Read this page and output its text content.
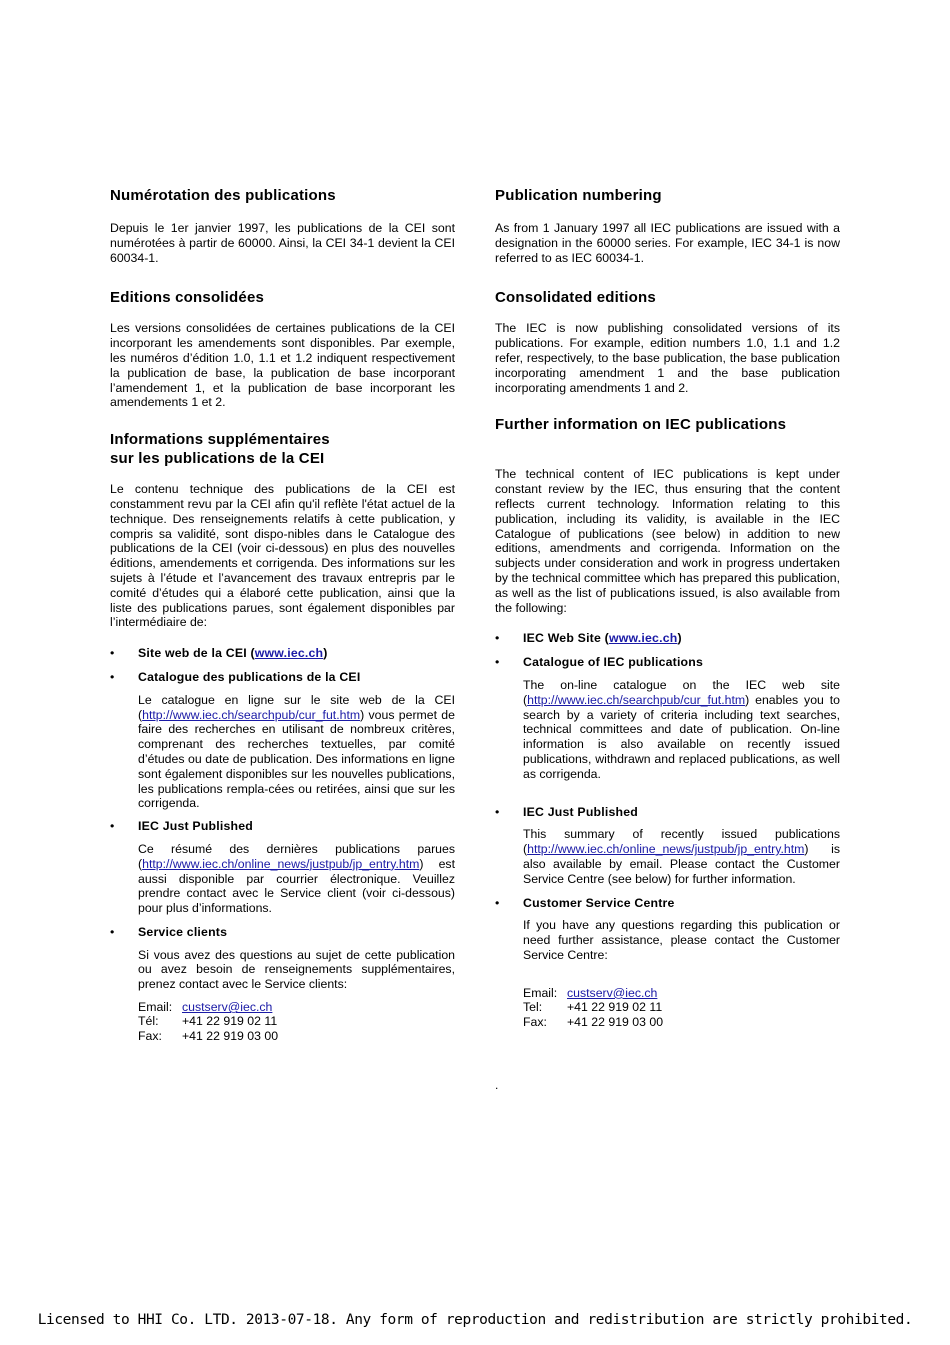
Numérotation des publications

Depuis le 1er janvier 1997, les publications de la CEI sont numérotées à partir de 60000. Ainsi, la CEI 34-1 devient la CEI 60034-1.

Editions consolidées

Les versions consolidées de certaines publications de la CEI incorporant les amendements sont disponibles. Par exemple, les numéros d’édition 1.0, 1.1 et 1.2 indiquent respectivement la publication de base, la publication de base incorporant l’amendement 1, et la publication de base incorporant les amendements 1 et 2.

Informations supplémentaires
sur les publications de la CEI

Le contenu technique des publications de la CEI est constamment revu par la CEI afin qu'il reflète l'état actuel de la technique. Des renseignements relatifs à cette publication, y compris sa validité, sont dispo-nibles dans le Catalogue des publications de la CEI (voir ci-dessous) en plus des nouvelles éditions, amendements et corrigenda. Des informations sur les sujets à l’étude et l’avancement des travaux entrepris par le comité d’études qui a élaboré cette publication, ainsi que la liste des publications parues, sont également disponibles par l’intermédiaire de:

• Site web de la CEI (www.iec.ch)

• Catalogue des publications de la CEI

Le catalogue en ligne sur le site web de la CEI (http://www.iec.ch/searchpub/cur_fut.htm) vous permet de faire des recherches en utilisant de nombreux critères, comprenant des recherches textuelles, par comité d’études ou date de publication. Des informations en ligne sont également disponibles sur les nouvelles publications, les publications rempla-cées ou retirées, ainsi que sur les corrigenda.

• IEC Just Published

Ce résumé des dernières publications parues (http://www.iec.ch/online_news/justpub/jp_entry.htm) est aussi disponible par courrier électronique. Veuillez prendre contact avec le Service client (voir ci-dessous) pour plus d’informations.

• Service clients

Si vous avez des questions au sujet de cette publication ou avez besoin de renseignements supplémentaires, prenez contact avec le Service clients:

Email: custserv@iec.ch
Tél: +41 22 919 02 11
Fax: +41 22 919 03 00
Publication numbering

As from 1 January 1997 all IEC publications are issued with a designation in the 60000 series. For example, IEC 34-1 is now referred to as IEC 60034-1.

Consolidated editions

The IEC is now publishing consolidated versions of its publications. For example, edition numbers 1.0, 1.1 and 1.2 refer, respectively, to the base publication, the base publication incorporating amendment 1 and the base publication incorporating amendments 1 and 2.

Further information on IEC publications

The technical content of IEC publications is kept under constant review by the IEC, thus ensuring that the content reflects current technology. Information relating to this publication, including its validity, is available in the IEC Catalogue of publications (see below) in addition to new editions, amendments and corrigenda. Information on the subjects under consideration and work in progress undertaken by the technical committee which has prepared this publication, as well as the list of publications issued, is also available from the following:

• IEC Web Site (www.iec.ch)

• Catalogue of IEC publications

The on-line catalogue on the IEC web site (http://www.iec.ch/searchpub/cur_fut.htm) enables you to search by a variety of criteria including text searches, technical committees and date of publication. On-line information is also available on recently issued publications, withdrawn and replaced publications, as well as corrigenda.

• IEC Just Published

This summary of recently issued publications (http://www.iec.ch/online_news/justpub/jp_entry.htm) is also available by email. Please contact the Customer Service Centre (see below) for further information.

• Customer Service Centre

If you have any questions regarding this publication or need further assistance, please contact the Customer Service Centre:

Email: custserv@iec.ch
Tel: +41 22 919 02 11
Fax: +41 22 919 03 00
.
Licensed to HHI Co. LTD. 2013-07-18. Any form of reproduction and redistribution are strictly prohibited.
